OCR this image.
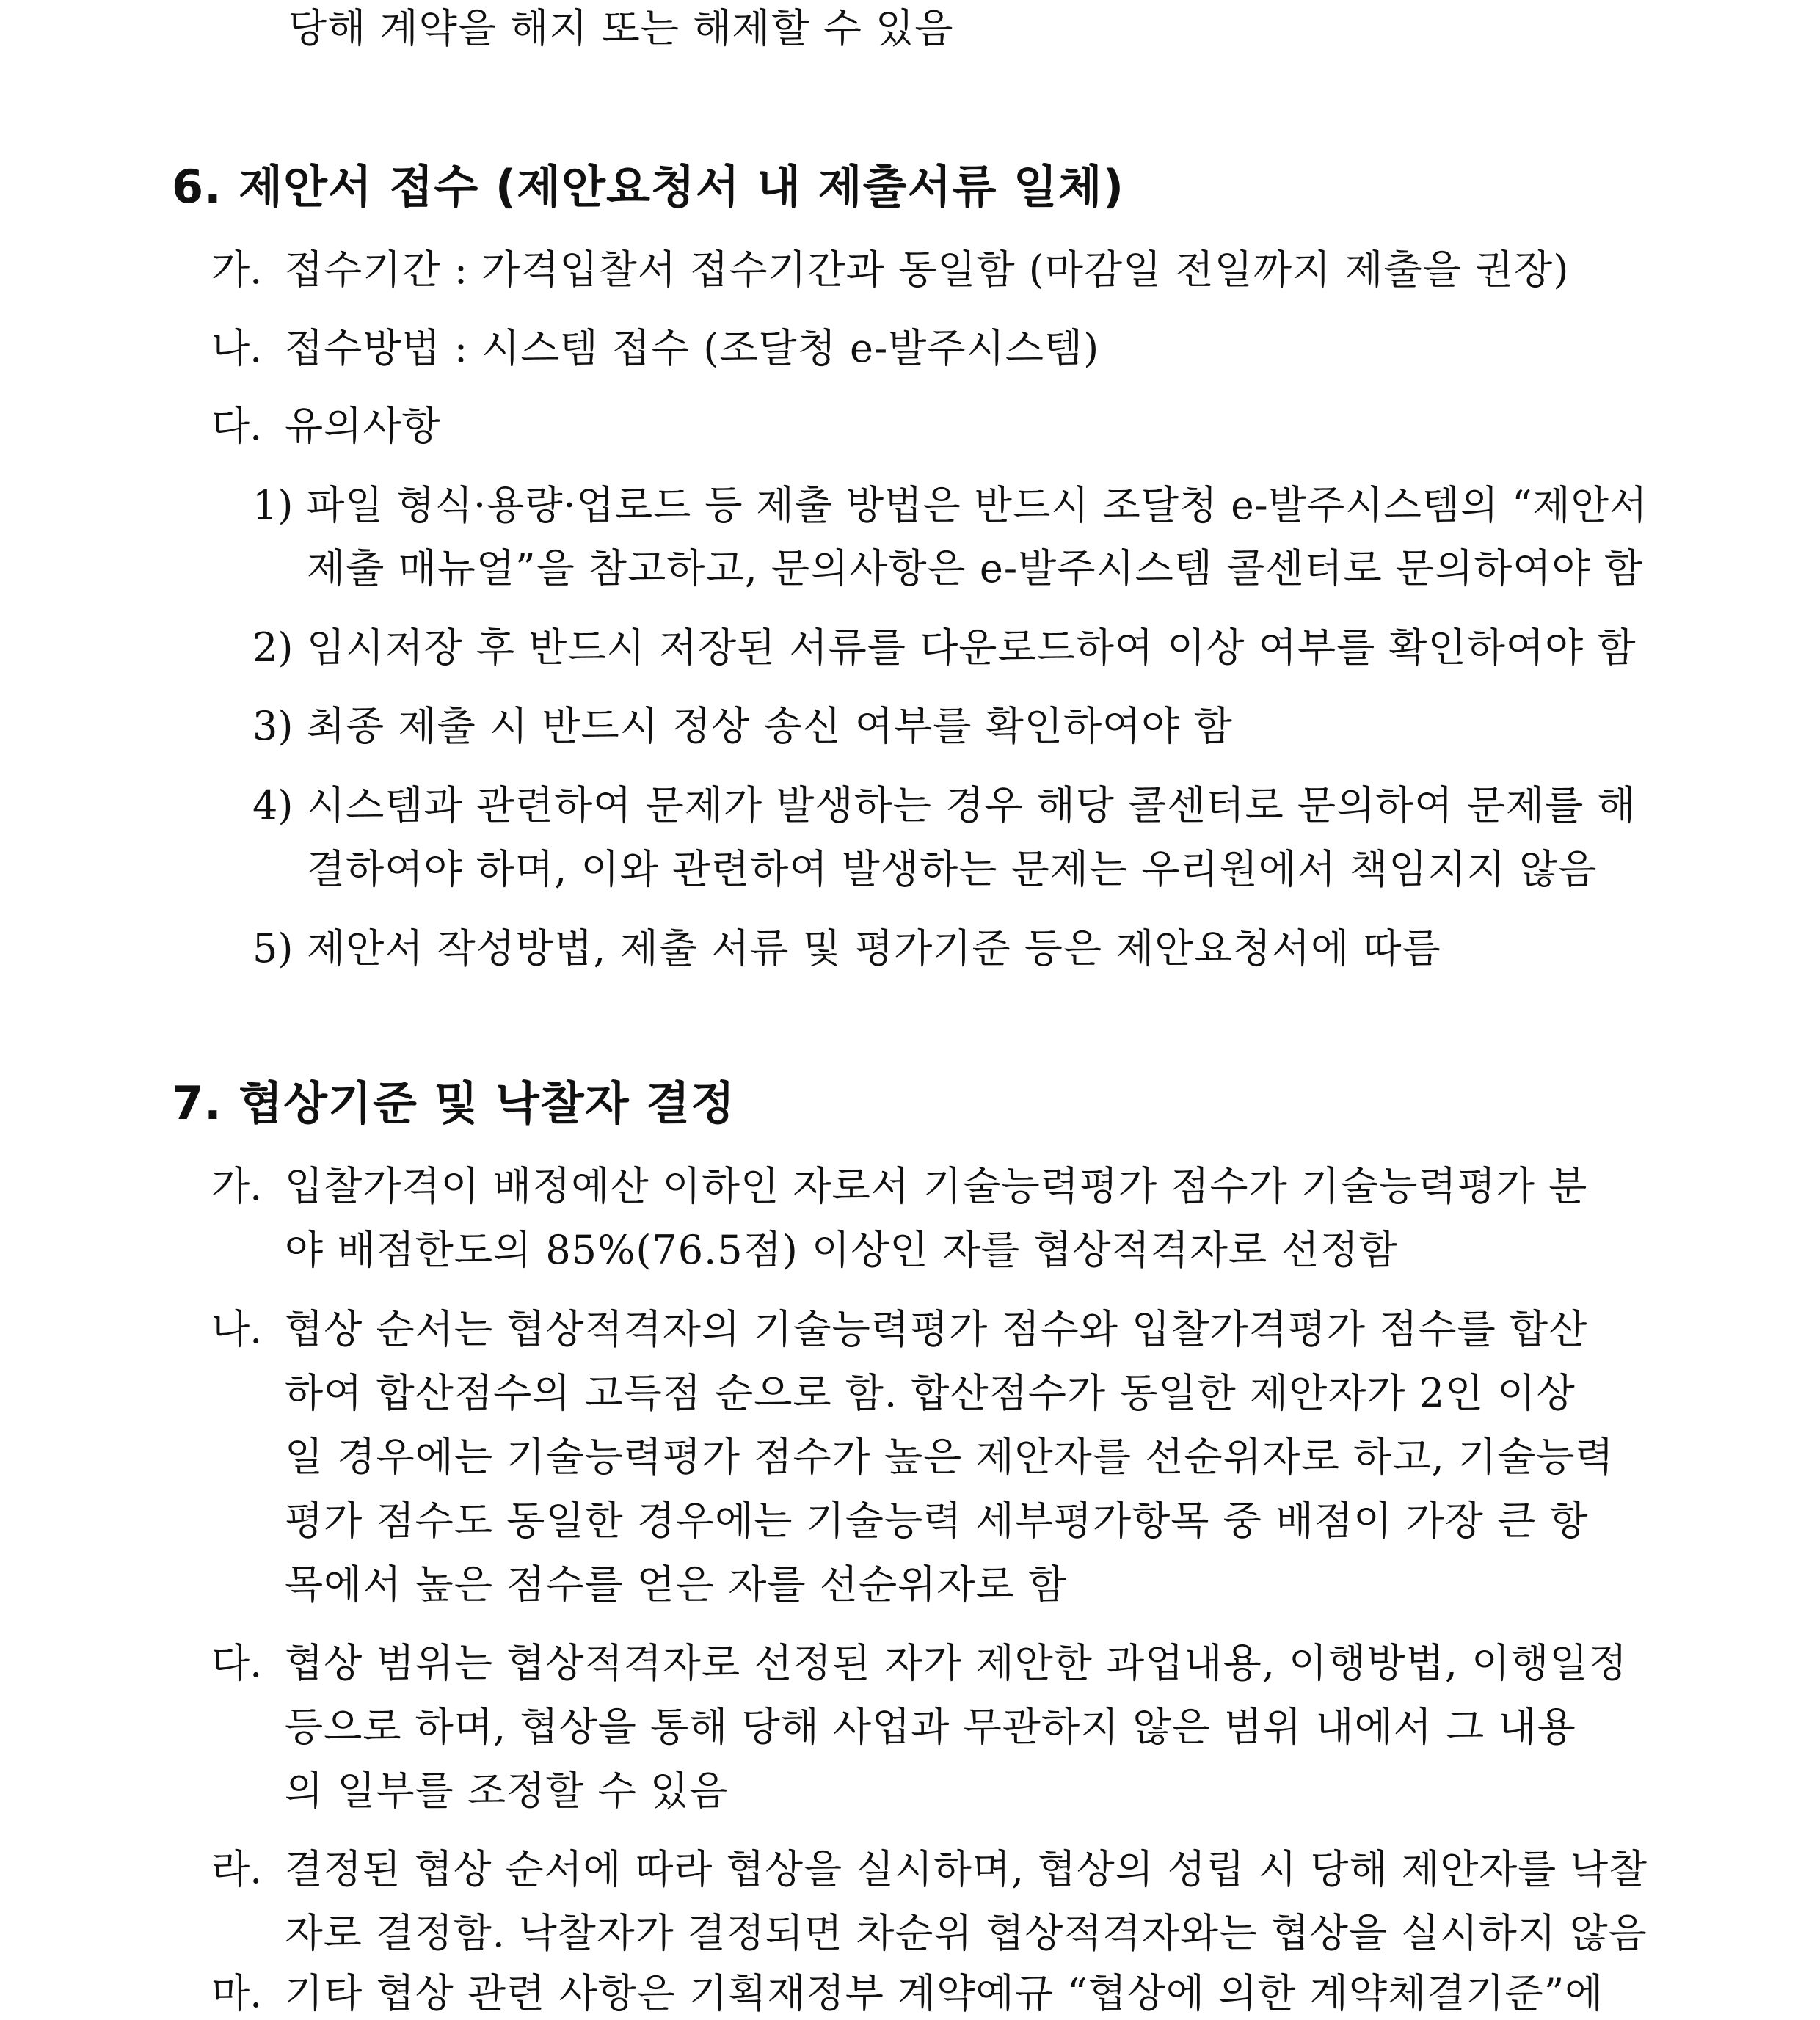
당해 계약을 해지 또는 해제할 수 있음
6. 제안서 접수 (제안요청서 내 제출서류 일체)
가. 접수기간 : 가격입찰서 접수기간과 동일함 (마감일 전일까지 제출을 권장)
나. 접수방법 : 시스템 접수 (조달청 e-발주시스템)
다. 유의사항
1) 파일 형식·용량·업로드 등 제출 방법은 반드시 조달청 e-발주시스템의 “제안서
제출 매뉴얼”을 참고하고, 문의사항은 e-발주시스템 콜센터로 문의하여야 함
2) 임시저장 후 반드시 저장된 서류를 다운로드하여 이상 여부를 확인하여야 함
3) 최종 제출 시 반드시 정상 송신 여부를 확인하여야 함
4) 시스템과 관련하여 문제가 발생하는 경우 해당 콜센터로 문의하여 문제를 해
결하여야 하며, 이와 관련하여 발생하는 문제는 우리원에서 책임지지 않음
5) 제안서 작성방법, 제출 서류 및 평가기준 등은 제안요청서에 따름
7. 협상기준 및 낙찰자 결정
가. 입찰가격이 배정예산 이하인 자로서 기술능력평가 점수가 기술능력평가 분
야 배점한도의 85%(76.5점) 이상인 자를 협상적격자로 선정함
나. 협상 순서는 협상적격자의 기술능력평가 점수와 입찰가격평가 점수를 합산
하여 합산점수의 고득점 순으로 함. 합산점수가 동일한 제안자가 2인 이상
일 경우에는 기술능력평가 점수가 높은 제안자를 선순위자로 하고, 기술능력
평가 점수도 동일한 경우에는 기술능력 세부평가항목 중 배점이 가장 큰 항
목에서 높은 점수를 얻은 자를 선순위자로 함
다. 협상 범위는 협상적격자로 선정된 자가 제안한 과업내용, 이행방법, 이행일정
등으로 하며, 협상을 통해 당해 사업과 무관하지 않은 범위 내에서 그 내용
의 일부를 조정할 수 있음
라. 결정된 협상 순서에 따라 협상을 실시하며, 협상의 성립 시 당해 제안자를 낙찰
자로 결정함. 낙찰자가 결정되면 차순위 협상적격자와는 협상을 실시하지 않음
마. 기타 협상 관련 사항은 기획재정부 계약예규 “협상에 의한 계약체결기준”에
